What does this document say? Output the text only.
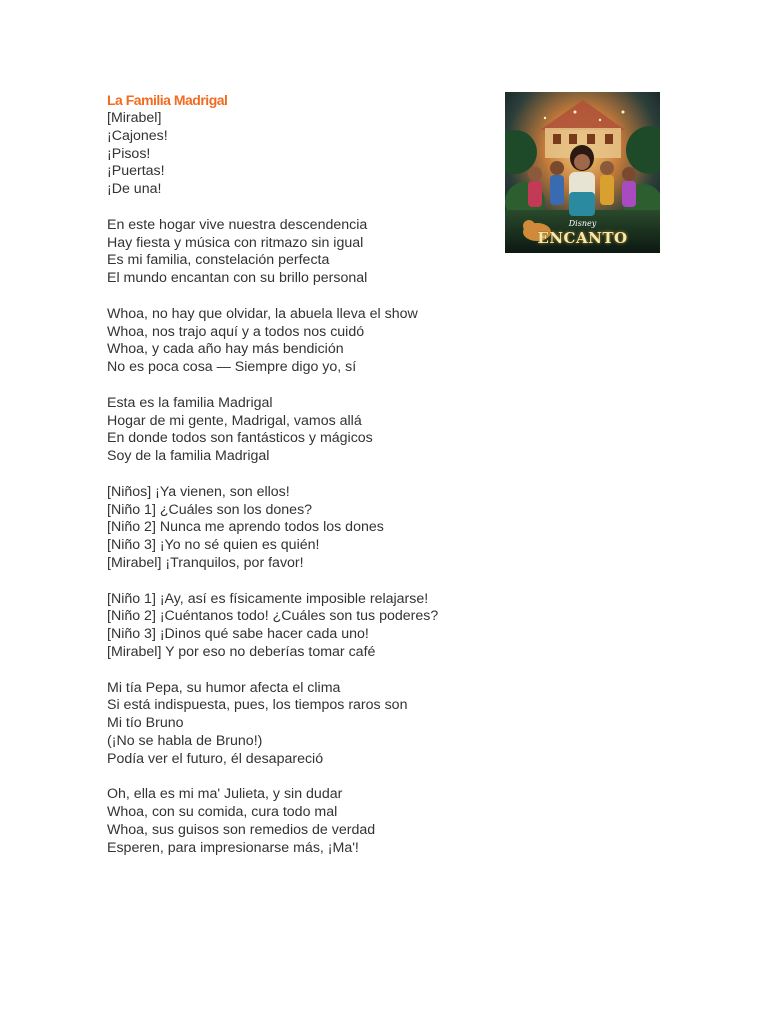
La Familia Madrigal

[Mirabel]
¡Cajones!
¡Pisos!
¡Puertas!
¡De una!

En este hogar vive nuestra descendencia
Hay fiesta y música con ritmazo sin igual
Es mi familia, constelación perfecta
El mundo encantan con su brillo personal

Whoa, no hay que olvidar, la abuela lleva el show
Whoa, nos trajo aquí y a todos nos cuidó
Whoa, y cada año hay más bendición
No es poca cosa — Siempre digo yo, sí

Esta es la familia Madrigal
Hogar de mi gente, Madrigal, vamos allá
En donde todos son fantásticos y mágicos
Soy de la familia Madrigal

[Niños] ¡Ya vienen, son ellos!
[Niño 1] ¿Cuáles son los dones?
[Niño 2] Nunca me aprendo todos los dones
[Niño 3] ¡Yo no sé quien es quién!
[Mirabel] ¡Tranquilos, por favor!

[Niño 1] ¡Ay, así es físicamente imposible relajarse!
[Niño 2] ¡Cuéntanos todo! ¿Cuáles son tus poderes?
[Niño 3] ¡Dinos qué sabe hacer cada uno!
[Mirabel] Y por eso no deberías tomar café

Mi tía Pepa, su humor afecta el clima
Si está indispuesta, pues, los tiempos raros son
Mi tío Bruno
(¡No se habla de Bruno!)
Podía ver el futuro, él desapareció

Oh, ella es mi ma' Julieta, y sin dudar
Whoa, con su comida, cura todo mal
Whoa, sus guisos son remedios de verdad
Esperen, para impresionarse más, ¡Ma'!

Disney
ENCANTO
